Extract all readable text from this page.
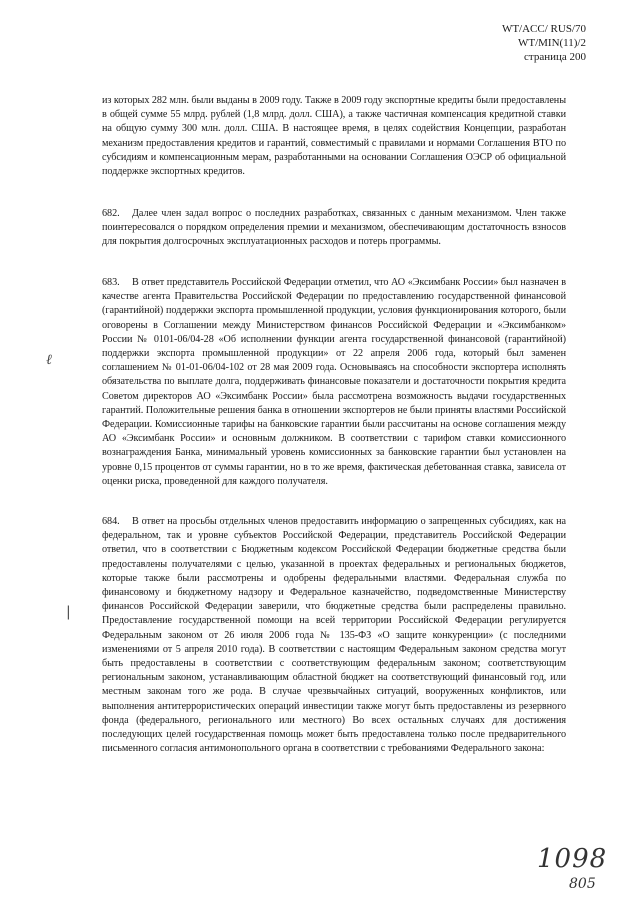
WT/ACC/ RUS/70
WT/MIN(11)/2
страница 200

из которых 282 млн. были выданы в 2009 году. Также в 2009 году экспортные кредиты были предоставлены в общей сумме 55 млрд. рублей (1,8 млрд. долл. США), а также частичная компенсация кредитной ставки на общую сумму 300 млн. долл. США. В настоящее время, в целях содействия Концепции, разработан механизм предоставления кредитов и гарантий, совместимый с правилами и нормами Соглашения ВТО по субсидиям и компенсационным мерам, разработанными на основании Соглашения ОЭСР об официальной поддержке экспортных кредитов.

682. Далее член задал вопрос о последних разработках, связанных с данным механизмом. Член также поинтересовался о порядком определения премии и механизмом, обеспечивающим достаточность взносов для покрытия долгосрочных эксплуатационных расходов и потерь программы.

683. В ответ представитель Российской Федерации отметил, что АО «Эксимбанк России» был назначен в качестве агента Правительства Российской Федерации по предоставлению государственной финансовой (гарантийной) поддержки экспорта промышленной продукции, условия функционирования которого, были оговорены в Соглашении между Министерством финансов Российской Федерации и «Эксимбанком» России № 0101-06/04-28 «Об исполнении функции агента государственной финансовой (гарантийной) поддержки экспорта промышленной продукции» от 22 апреля 2006 года, который был заменен соглашением № 01-01-06/04-102 от 28 мая 2009 года. Основываясь на способности экспортера исполнять обязательства по выплате долга, поддерживать финансовые показатели и достаточности покрытия кредита Советом директоров АО «Эксимбанк России» была рассмотрена возможность выдачи государственных гарантий. Положительные решения банка в отношении экспортеров не были приняты властями Российской Федерации. Комиссионные тарифы на банковские гарантии были рассчитаны на основе соглашения между АО «Эксимбанк России» и основным должником. В соответствии с тарифом ставки комиссионного вознаграждения Банка, минимальный уровень комиссионных за банковские гарантии был установлен на уровне 0,15 процентов от суммы гарантии, но в то же время, фактическая дебетованная ставка, зависела от оценки риска, проведенной для каждого получателя.

684. В ответ на просьбы отдельных членов предоставить информацию о запрещенных субсидиях, как на федеральном, так и уровне субъектов Российской Федерации, представитель Российской Федерации ответил, что в соответствии с Бюджетным кодексом Российской Федерации бюджетные средства были предоставлены получателями с целью, указанной в проектах федеральных и региональных бюджетов, которые также были рассмотрены и одобрены федеральными властями. Федеральная служба по финансовому и бюджетному надзору и Федеральное казначейство, подведомственные Министерству финансов Российской Федерации заверили, что бюджетные средства были распределены правильно. Предоставление государственной помощи на всей территории Российской Федерации регулируется Федеральным законом от 26 июля 2006 года № 135-ФЗ «О защите конкуренции» (с последними изменениями от 5 апреля 2010 года). В соответствии с настоящим Федеральным законом средства могут быть предоставлены в соответствии с соответствующим федеральным законом; соответствующим региональным законом, устанавливающим областной бюджет на соответствующий финансовый год, или местным законам того же рода. В случае чрезвычайных ситуаций, вооруженных конфликтов, или выполнения антитеррористических операций инвестиции также могут быть предоставлены из резервного фонда (федерального, регионального или местного) Во всех остальных случаях для достижения последующих целей государственная помощь может быть предоставлена только после предварительного письменного согласия антимонопольного органа в соответствии с требованиями Федерального закона:

ℓ
|
1098
805
